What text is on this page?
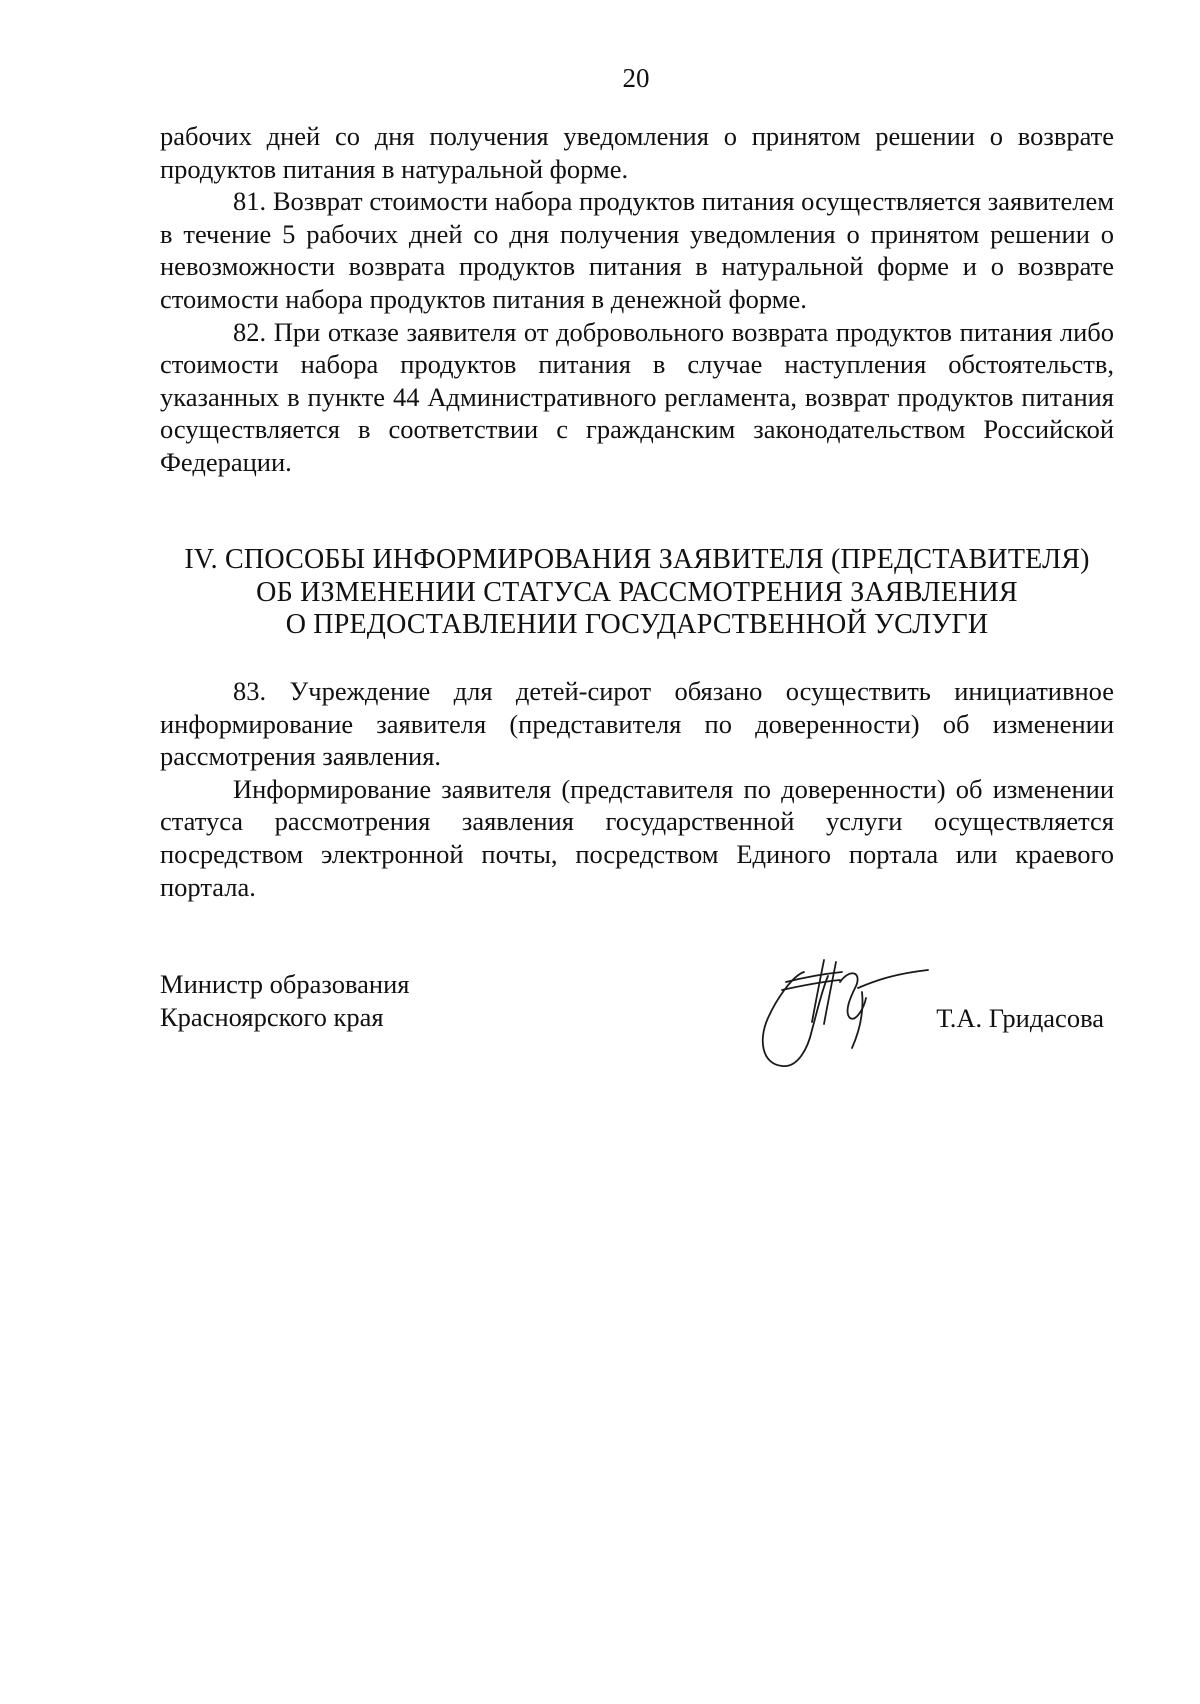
20

рабочих дней со дня получения уведомления о принятом решении о возврате продуктов питания в натуральной форме.

81. Возврат стоимости набора продуктов питания осуществляется заявителем в течение 5 рабочих дней со дня получения уведомления о принятом решении о невозможности возврата продуктов питания в натуральной форме и о возврате стоимости набора продуктов питания в денежной форме.

82. При отказе заявителя от добровольного возврата продуктов питания либо стоимости набора продуктов питания в случае наступления обстоятельств, указанных в пункте 44 Административного регламента, возврат продуктов питания осуществляется в соответствии с гражданским законодательством Российской Федерации.

IV. СПОСОБЫ ИНФОРМИРОВАНИЯ ЗАЯВИТЕЛЯ (ПРЕДСТАВИТЕЛЯ)
ОБ ИЗМЕНЕНИИ СТАТУСА РАССМОТРЕНИЯ ЗАЯВЛЕНИЯ
О ПРЕДОСТАВЛЕНИИ ГОСУДАРСТВЕННОЙ УСЛУГИ

83. Учреждение для детей-сирот обязано осуществить инициативное информирование заявителя (представителя по доверенности) об изменении рассмотрения заявления.

Информирование заявителя (представителя по доверенности) об изменении статуса рассмотрения заявления государственной услуги осуществляется посредством электронной почты, посредством Единого портала или краевого портала.

Министр образования
Красноярского края	Т.А. Гридасова
